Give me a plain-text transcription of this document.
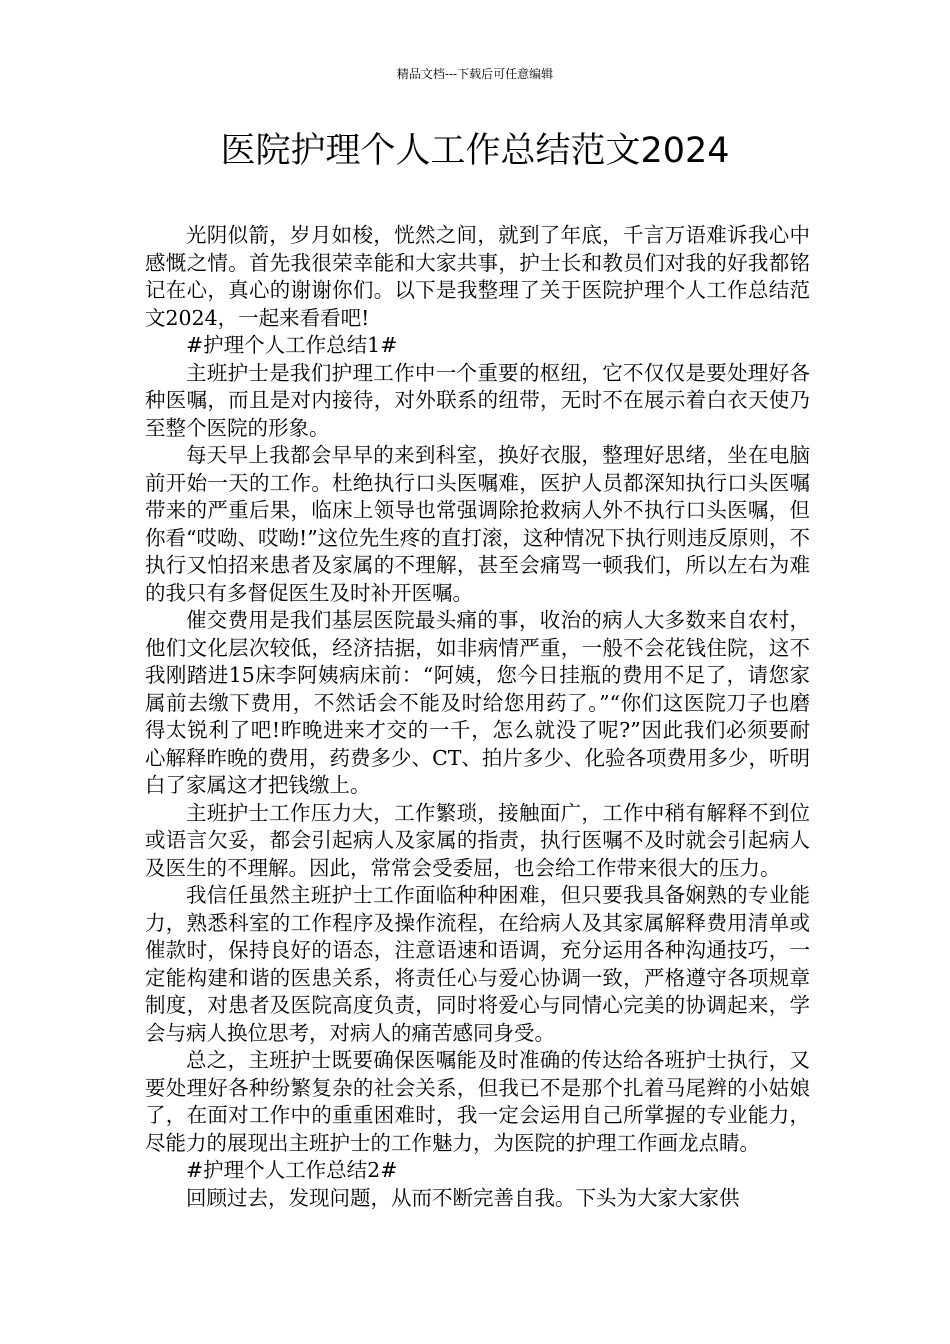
精品文档---下载后可任意编辑
医院护理个人工作总结范文2024

光阴似箭，岁月如梭，恍然之间，就到了年底，千言万语难诉我心中感慨之情。首先我很荣幸能和大家共事，护士长和教员们对我的好我都铭记在心，真心的谢谢你们。以下是我整理了关于医院护理个人工作总结范文2024，一起来看看吧!

#护理个人工作总结1#

主班护士是我们护理工作中一个重要的枢纽，它不仅仅是要处理好各种医嘱，而且是对内接待，对外联系的纽带，无时不在展示着白衣天使乃至整个医院的形象。

每天早上我都会早早的来到科室，换好衣服，整理好思绪，坐在电脑前开始一天的工作。杜绝执行口头医嘱难，医护人员都深知执行口头医嘱带来的严重后果，临床上领导也常强调除抢救病人外不执行口头医嘱，但你看“哎呦、哎呦!”这位先生疼的直打滚，这种情况下执行则违反原则，不执行又怕招来患者及家属的不理解，甚至会痛骂一顿我们，所以左右为难的我只有多督促医生及时补开医嘱。

催交费用是我们基层医院最头痛的事，收治的病人大多数来自农村，他们文化层次较低，经济拮据，如非病情严重，一般不会花钱住院，这不我刚踏进15床李阿姨病床前：“阿姨，您今日挂瓶的费用不足了，请您家属前去缴下费用，不然话会不能及时给您用药了。”“你们这医院刀子也磨得太锐利了吧!昨晚进来才交的一千，怎么就没了呢?”因此我们必须要耐心解释昨晚的费用，药费多少、CT、拍片多少、化验各项费用多少，听明白了家属这才把钱缴上。

主班护士工作压力大，工作繁琐，接触面广，工作中稍有解释不到位或语言欠妥，都会引起病人及家属的指责，执行医嘱不及时就会引起病人及医生的不理解。因此，常常会受委屈，也会给工作带来很大的压力。

我信任虽然主班护士工作面临种种困难，但只要我具备娴熟的专业能力，熟悉科室的工作程序及操作流程，在给病人及其家属解释费用清单或催款时，保持良好的语态，注意语速和语调，充分运用各种沟通技巧，一定能构建和谐的医患关系，将责任心与爱心协调一致，严格遵守各项规章制度，对患者及医院高度负责，同时将爱心与同情心完美的协调起来，学会与病人换位思考，对病人的痛苦感同身受。

总之，主班护士既要确保医嘱能及时准确的传达给各班护士执行，又要处理好各种纷繁复杂的社会关系，但我已不是那个扎着马尾辫的小姑娘了，在面对工作中的重重困难时，我一定会运用自己所掌握的专业能力，尽能力的展现出主班护士的工作魅力，为医院的护理工作画龙点睛。

#护理个人工作总结2#

回顾过去，发现问题，从而不断完善自我。下头为大家大家供
